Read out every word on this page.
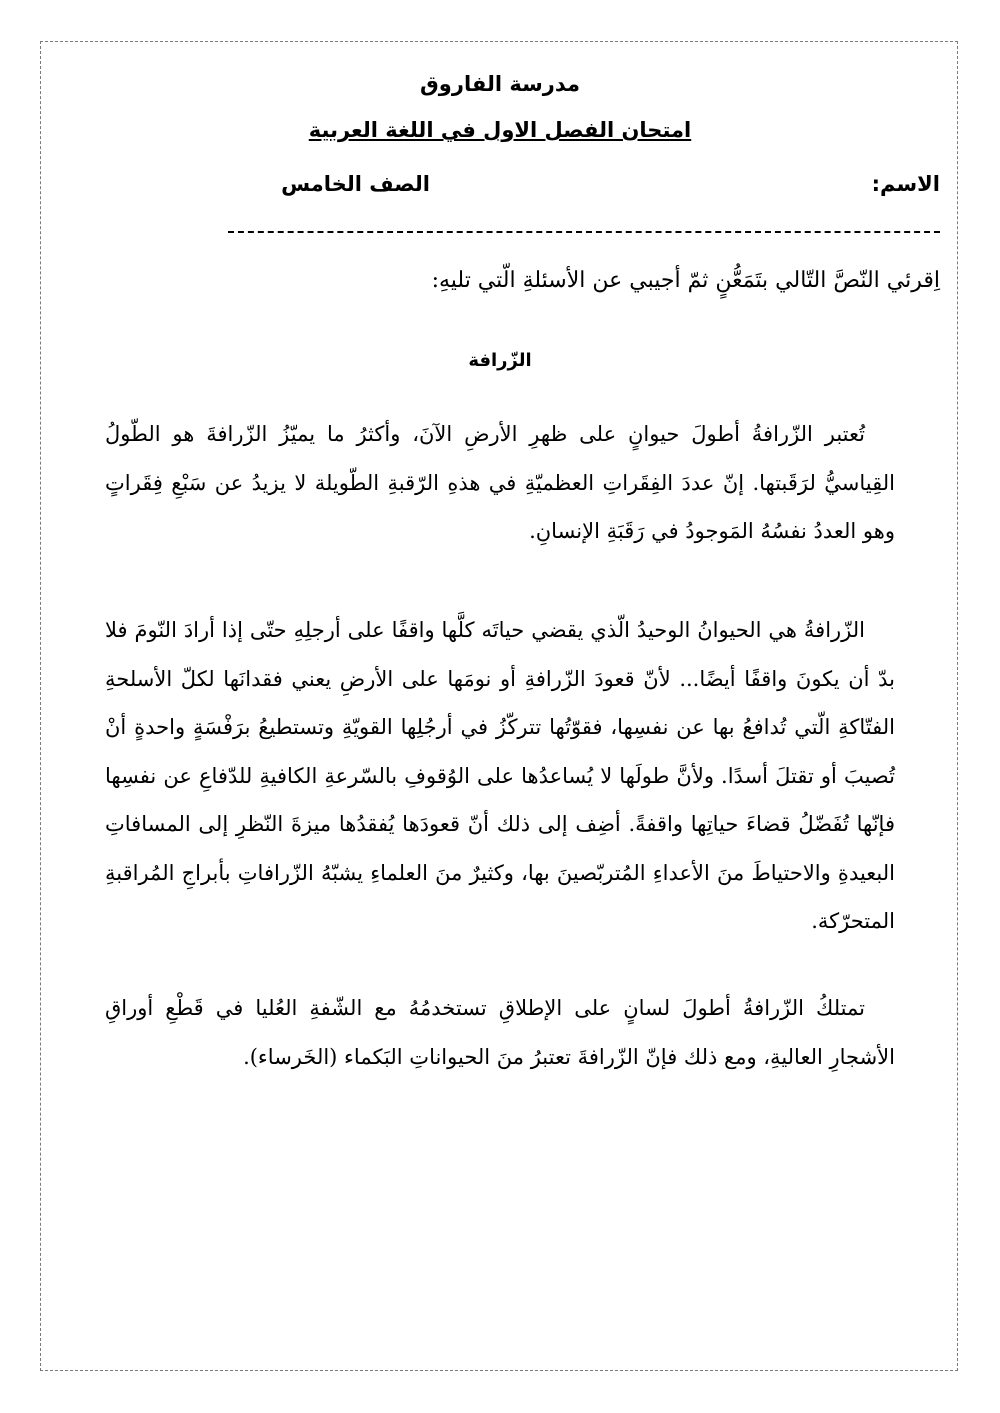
مدرسة الفاروق
امتحان الفصل الاول في اللغة العربية
الاسم:
الصف الخامس
اِقرئي النّصَّ التّالي بتَمَعُّنٍ ثمّ أجيبي عن الأسئلةِ الّتي تليهِ:
الزّرافة

تُعتبر الزّرافةُ أطولَ حيوانٍ على ظهرِ الأرضِ الآنَ، وأكثرُ ما يميّزُ الزّرافةَ هو الطّولُ القِياسيُّ لرَقَبتها. إنّ عددَ الفِقَراتِ العظميّةِ في هذهِ الرّقبةِ الطّويلة لا يزيدُ عن سَبْعِ فِقَراتٍ وهو العددُ نفسُهُ المَوجودُ في رَقَبَةِ الإنسانِ.

الزّرافةُ هي الحيوانُ الوحيدُ الّذي يقضي حياتَه كلَّها واقفًا على أرجلِهِ حتّى إذا أرادَ النّومَ فلا بدّ أن يكونَ واقفًا أيضًا... لأنّ قعودَ الزّرافةِ أو نومَها على الأرضِ يعني فقدانَها لكلّ الأسلحةِ الفتّاكةِ الّتي تُدافعُ بها عن نفسِها، فقوّتُها تتركّزُ في أرجُلِها القويّةِ وتستطيعُ برَفْسَةٍ واحدةٍ أنْ تُصيبَ أو تقتلَ أسدًا. ولأنَّ طولَها لا يُساعدُها على الوُقوفِ بالسّرعةِ الكافيةِ للدّفاعِ عن نفسِها فإنّها تُفَضّلُ قضاءَ حياتِها واقفةً. أضِف إلى ذلك أنّ قعودَها يُفقدُها ميزةَ النّظرِ إلى المسافاتِ البعيدةِ والاحتياطَ منَ الأعداءِ المُتربّصينَ بها، وكثيرٌ منَ العلماءِ يشبّهُ الزّرافاتِ بأبراجِ المُراقبةِ المتحرّكة.

تمتلكُ الزّرافةُ أطولَ لسانٍ على الإطلاقِ تستخدمُهُ مع الشّفةِ العُليا في قَطْعِ أوراقِ الأشجارِ العاليةِ، ومع ذلك فإنّ الزّرافةَ تعتبرُ منَ الحيواناتِ البَكماء (الخَرساء).
